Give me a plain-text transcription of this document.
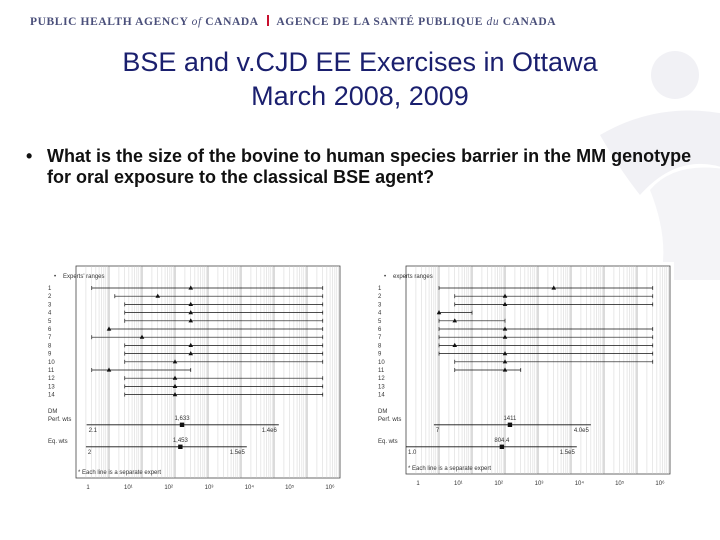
PUBLIC HEALTH AGENCY of CANADA AGENCE DE LA SANTÉ PUBLIQUE du CANADA
BSE and v.CJD EE Exercises in Ottawa
March 2008, 2009
• What is the size of the bovine to human species barrier in the MM genotype for oral exposure to the classical BSE agent?
2008	2009
1	10¹	10²	10³	10⁴	10⁵	10⁶
• Experts' ranges
1
2
3
4
5
6
7
8
9
10
11
12
13
14
DM
Perf. wts
Eq. wts
1,633
2.1	1.4e6
1,453
2	1.5e5
* Each line is a separate expert
1	10¹	10²	10³	10⁴	10⁵	10⁶
• experts ranges
1
2
3
4
5
6
7
8
9
10
11
12
13
14
DM
Perf. wts
Eq. wts
1411
7	4.0e5
804.4
1.0	1.5e5
* Each line is a separate expert
